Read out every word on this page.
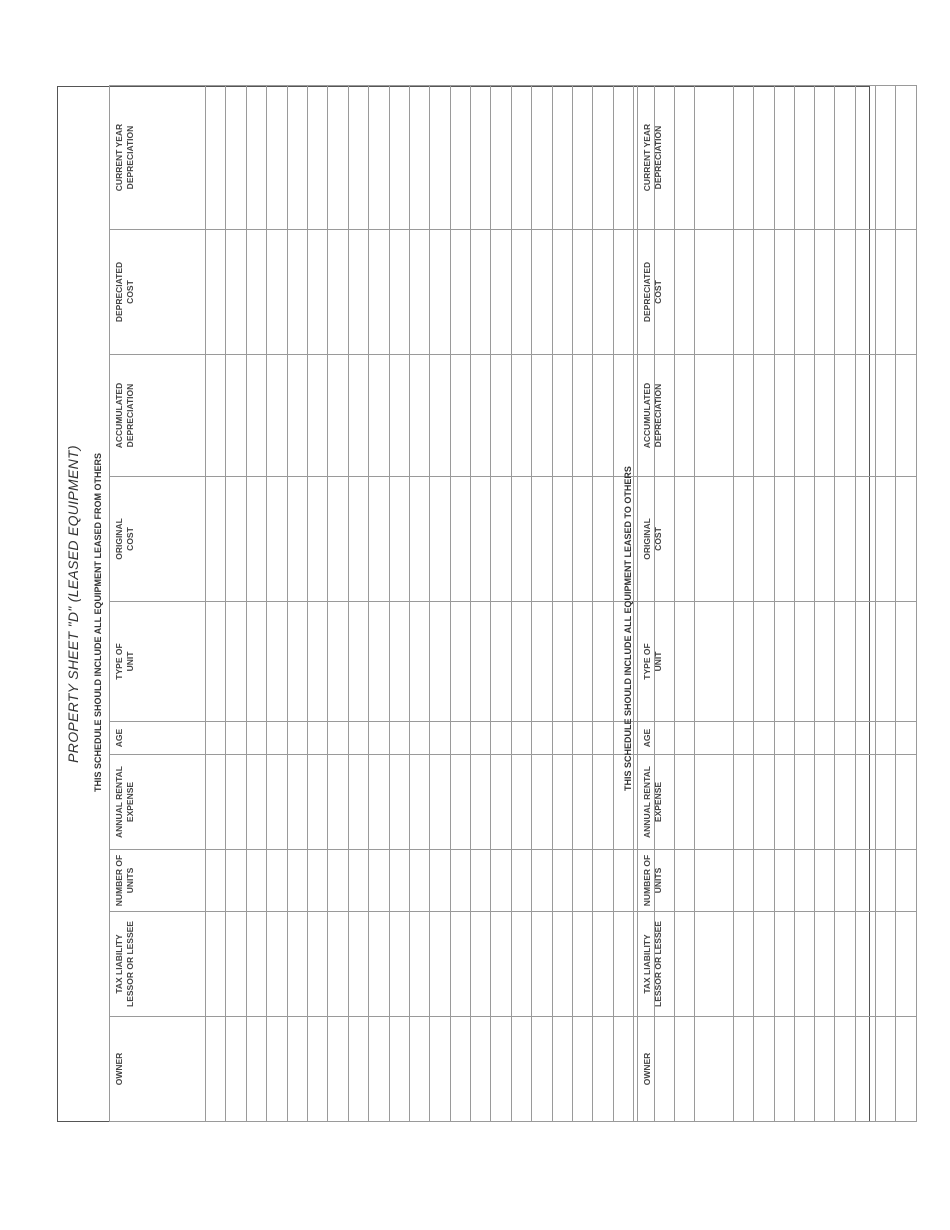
PROPERTY SHEET "D" (LEASED EQUIPMENT) THIS SCHEDULE SHOULD INCLUDE ALL EQUIPMENT LEASED FROM OTHERS
OWNER	TAX LIABILITY LESSOR OR LESSEE	NUMBER OF UNITS	ANNUAL RENTAL EXPENSE	AGE	TYPE OF UNIT	ORIGINAL COST	ACCUMULATED DEPRECIATION	DEPRECIATED COST	CURRENT YEAR DEPRECIATION

THIS SCHEDULE SHOULD INCLUDE ALL EQUIPMENT LEASED TO OTHERS
OWNER	TAX LIABILITY LESSOR OR LESSEE	NUMBER OF UNITS	ANNUAL RENTAL EXPENSE	AGE	TYPE OF UNIT	ORIGINAL COST	ACCUMULATED DEPRECIATION	DEPRECIATED COST	CURRENT YEAR DEPRECIATION
